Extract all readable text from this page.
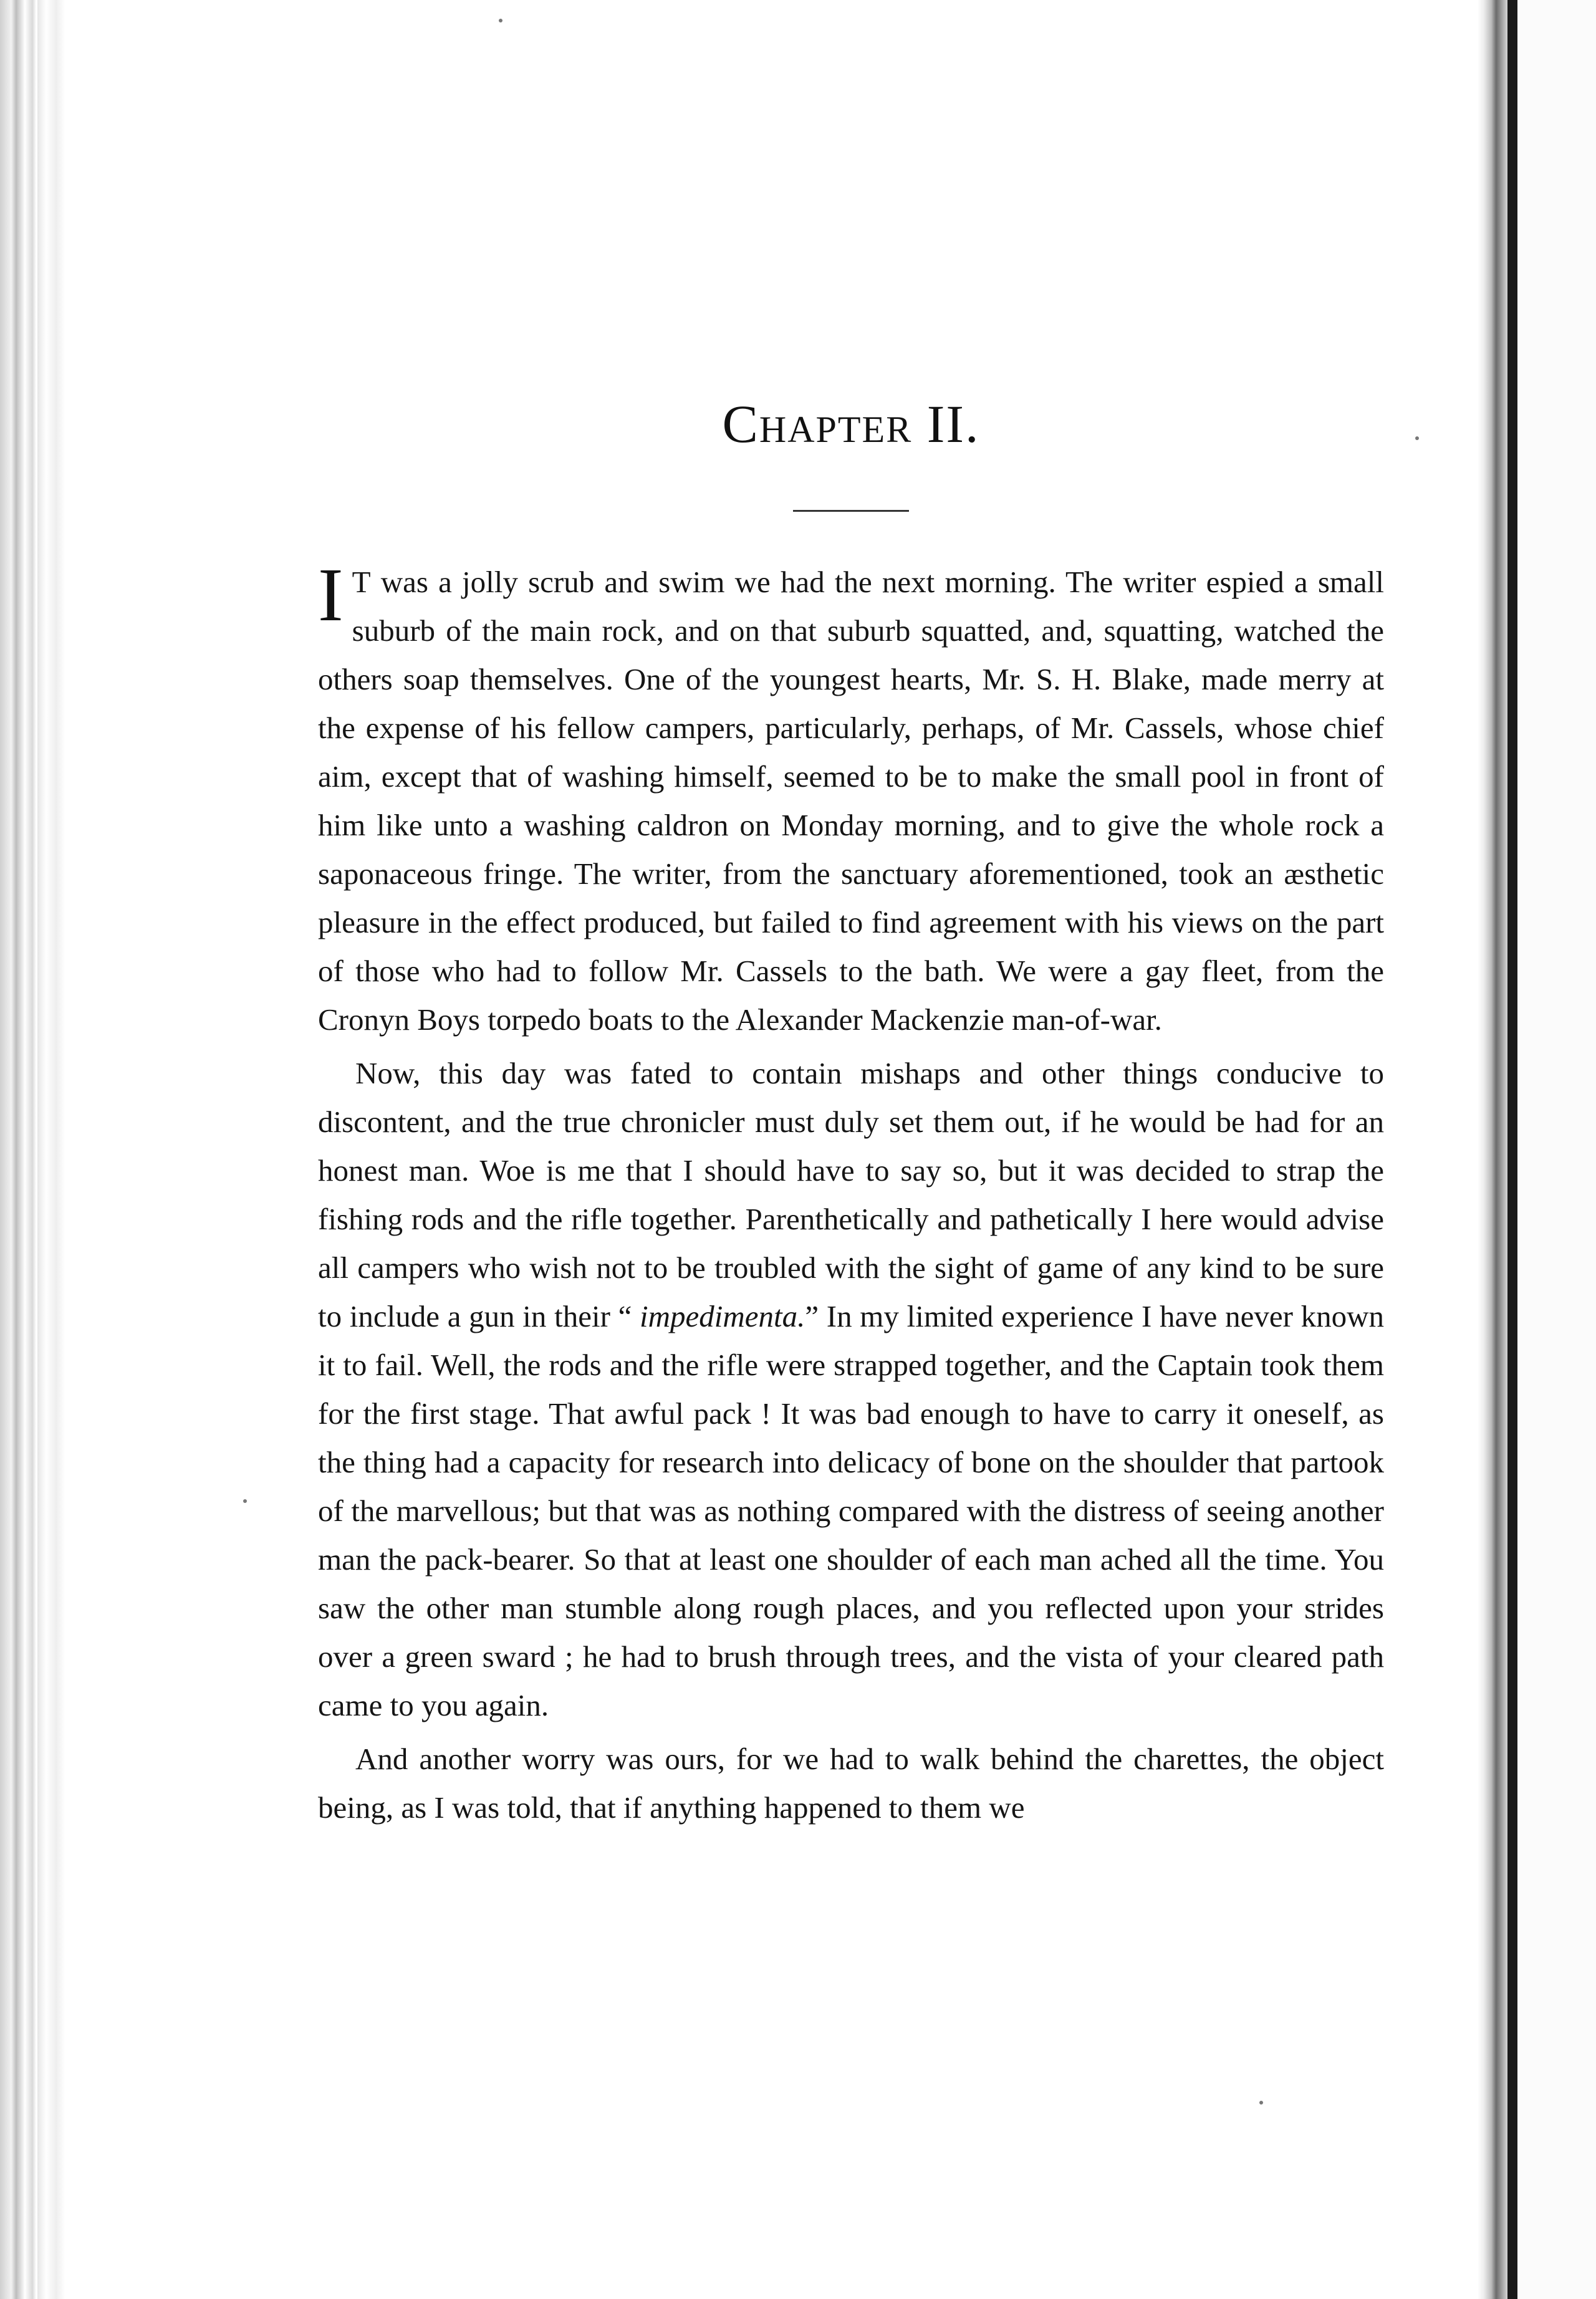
Chapter II.

I T was a jolly scrub and swim we had the next morning. The writer espied a small suburb of the main rock, and on that suburb squatted, and, squatting, watched the others soap themselves. One of the youngest hearts, Mr. S. H. Blake, made merry at the expense of his fellow campers, particularly, perhaps, of Mr. Cassels, whose chief aim, except that of washing himself, seemed to be to make the small pool in front of him like unto a washing caldron on Monday morning, and to give the whole rock a saponaceous fringe. The writer, from the sanctuary aforementioned, took an æsthetic pleasure in the effect produced, but failed to find agreement with his views on the part of those who had to follow Mr. Cassels to the bath. We were a gay fleet, from the Cronyn Boys torpedo boats to the Alexander Mackenzie man-of-war.

Now, this day was fated to contain mishaps and other things conducive to discontent, and the true chronicler must duly set them out, if he would be had for an honest man. Woe is me that I should have to say so, but it was decided to strap the fishing rods and the rifle together. Parenthetically and pathetically I here would advise all campers who wish not to be troubled with the sight of game of any kind to be sure to include a gun in their “ impedimenta.” In my limited experience I have never known it to fail. Well, the rods and the rifle were strapped together, and the Captain took them for the first stage. That awful pack ! It was bad enough to have to carry it oneself, as the thing had a capacity for research into delicacy of bone on the shoulder that partook of the marvellous; but that was as nothing compared with the distress of seeing another man the pack-bearer. So that at least one shoulder of each man ached all the time. You saw the other man stumble along rough places, and you reflected upon your strides over a green sward ; he had to brush through trees, and the vista of your cleared path came to you again.

And another worry was ours, for we had to walk behind the charettes, the object being, as I was told, that if anything happened to them we
